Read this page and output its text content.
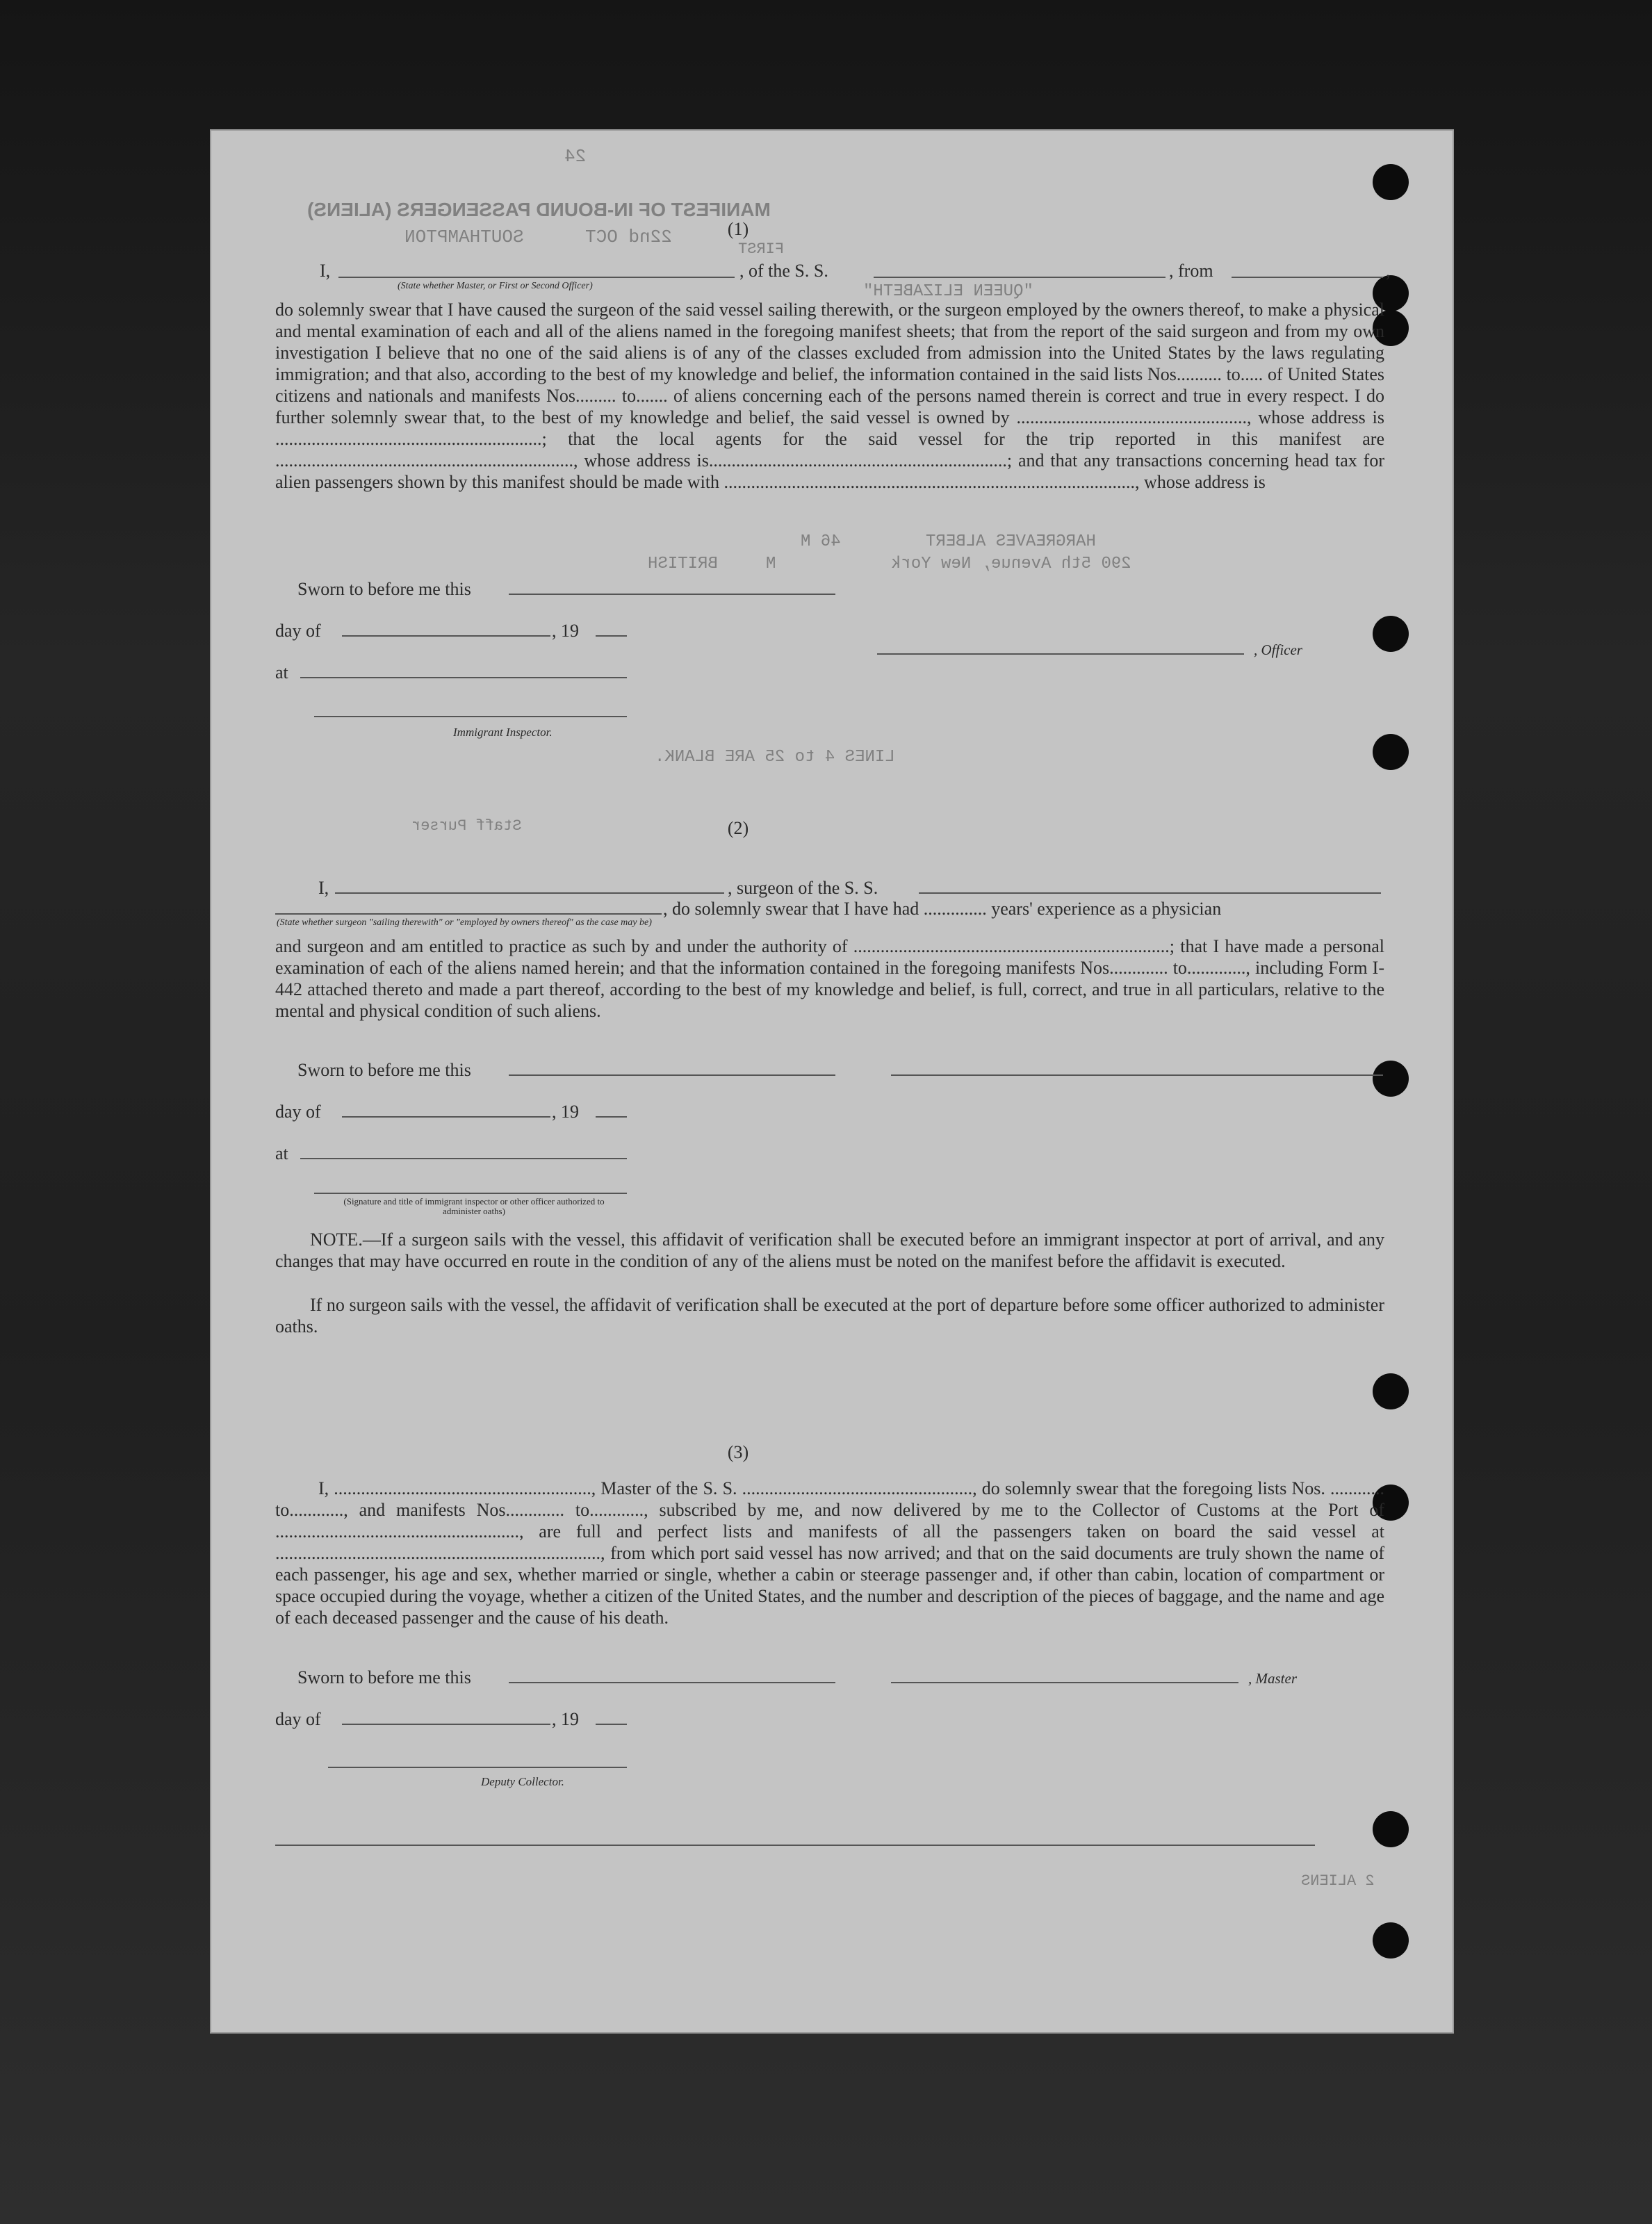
24
MANIFEST OF IN-BOUND PASSENGERS (ALIENS)
SOUTHAMPTON	22nd OCT
FIRST
"QUEEN ELIZABETH"
HARGREAVES ALBERT
46 M
BRITISH	M	290 5th Avenue, New York
LINES 4 to 25 ARE BLANK.
Staff Purser
2 ALIENS
(1)
I,	, of the S. S.	, from	,
(State whether Master, or First or Second Officer)
do solemnly swear that I have caused the surgeon of the said vessel sailing therewith, or the surgeon employed by the owners thereof, to make a physical and mental examination of each and all of the aliens named in the foregoing manifest sheets; that from the report of the said surgeon and from my own investigation I believe that no one of the said aliens is of any of the classes excluded from admission into the United States by the laws regulating immigration; and that also, according to the best of my knowledge and belief, the information contained in the said lists Nos.......... to..... of United States citizens and nationals and manifests Nos......... to....... of aliens concerning each of the persons named therein is correct and true in every respect. I do further solemnly swear that, to the best of my knowledge and belief, the said vessel is owned by ..................................................., whose address is ...........................................................; that the local agents for the said vessel for the trip reported in this manifest are .................................................................., whose address is..................................................................; and that any transactions concerning head tax for alien passengers shown by this manifest should be made with ..........................................................................................., whose address is
Sworn to before me this
day of	, 19
at
, Officer
Immigrant Inspector.
(2)
I,	, surgeon of the S. S.
, do solemnly swear that I have had .............. years' experience as a physician
(State whether surgeon "sailing therewith" or "employed by owners thereof" as the case may be)
and surgeon and am entitled to practice as such by and under the authority of ......................................................................; that I have made a personal examination of each of the aliens named herein; and that the information contained in the foregoing manifests Nos............. to............., including Form I-442 attached thereto and made a part thereof, according to the best of my knowledge and belief, is full, correct, and true in all particulars, relative to the mental and physical condition of such aliens.
Sworn to before me this
day of	, 19
at
(Signature and title of immigrant inspector or other officer authorized to administer oaths)
NOTE.—If a surgeon sails with the vessel, this affidavit of verification shall be executed before an immigrant inspector at port of arrival, and any changes that may have occurred en route in the condition of any of the aliens must be noted on the manifest before the affidavit is executed.
If no surgeon sails with the vessel, the affidavit of verification shall be executed at the port of departure before some officer authorized to administer oaths.
(3)
I, ........................................................., Master of the S. S. ..................................................., do solemnly swear that the foregoing lists Nos. ............ to............, and manifests Nos............. to............, subscribed by me, and now delivered by me to the Collector of Customs at the Port of ......................................................, are full and perfect lists and manifests of all the passengers taken on board the said vessel at ........................................................................, from which port said vessel has now arrived; and that on the said documents are truly shown the name of each passenger, his age and sex, whether married or single, whether a cabin or steerage passenger and, if other than cabin, location of compartment or space occupied during the voyage, whether a citizen of the United States, and the number and description of the pieces of baggage, and the name and age of each deceased passenger and the cause of his death.
Sworn to before me this	, Master
day of	, 19
Deputy Collector.
